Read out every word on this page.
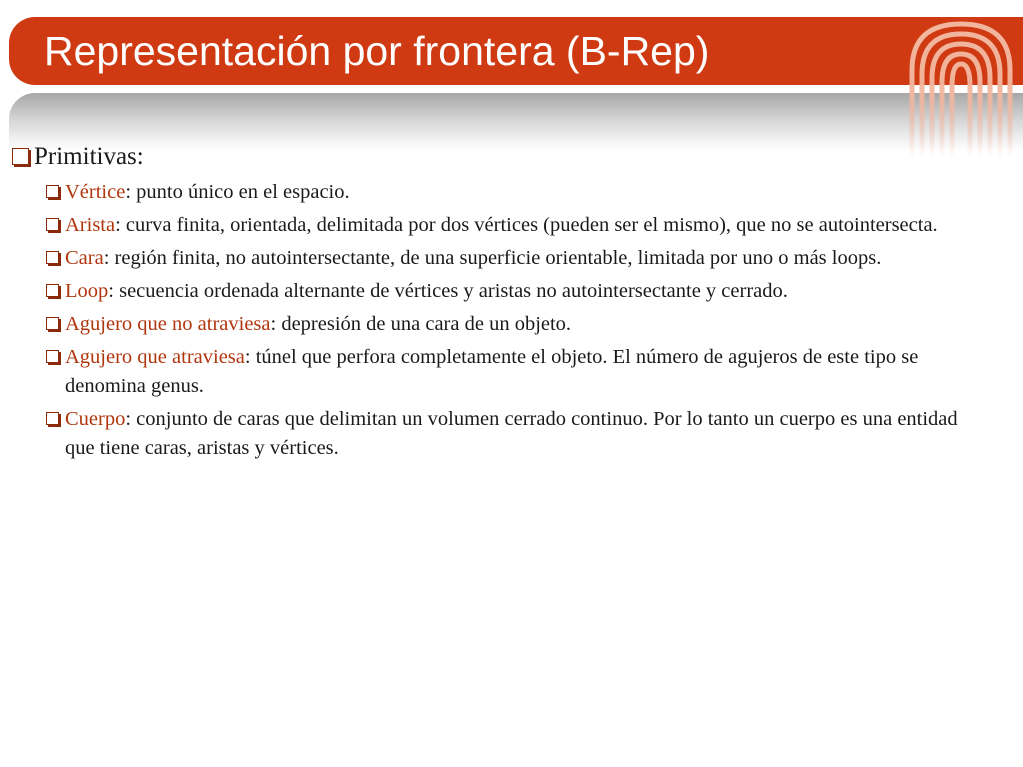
Representación por frontera (B-Rep)
Primitivas:
Vértice: punto único en el espacio.
Arista: curva finita, orientada, delimitada por dos vértices (pueden ser el mismo), que no se autointersecta.
Cara: región finita, no autointersectante, de una superficie orientable, limitada por uno o más loops.
Loop: secuencia ordenada alternante de vértices y aristas no autointersectante y cerrado.
Agujero que no atraviesa: depresión de una cara de un objeto.
Agujero que atraviesa: túnel que perfora completamente el objeto. El número de agujeros de este tipo se denomina genus.
Cuerpo: conjunto de caras que delimitan un volumen cerrado continuo. Por lo tanto un cuerpo es una entidad que tiene caras, aristas y vértices.
